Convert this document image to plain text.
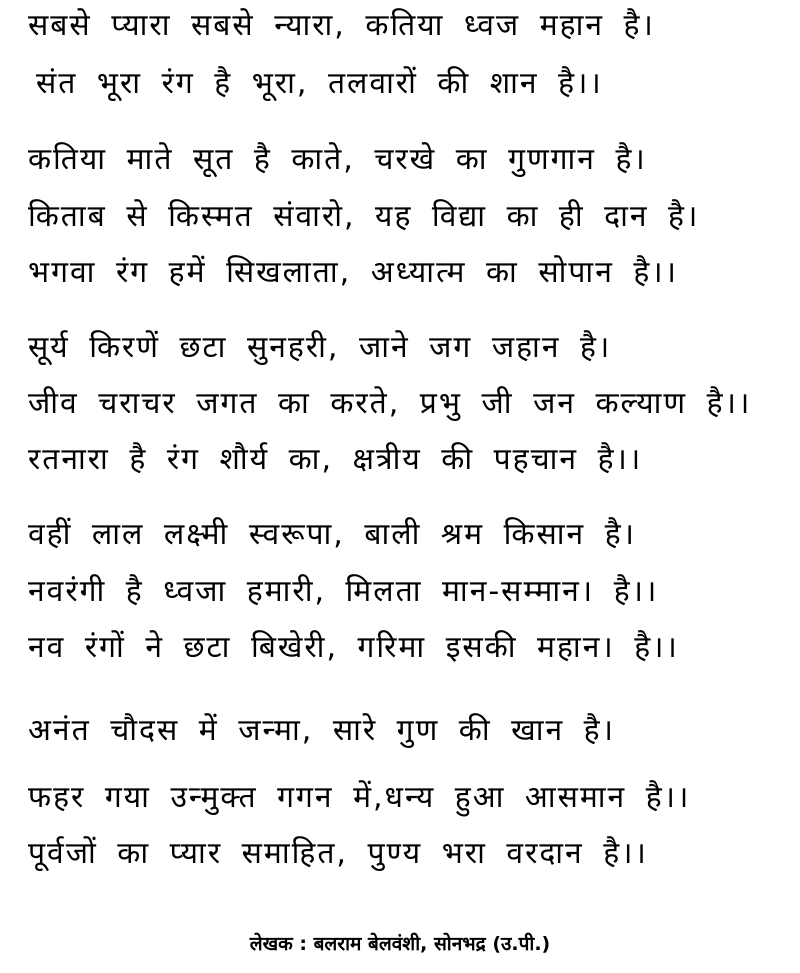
सबसे प्यारा सबसे न्यारा, कतिया ध्वज महान है।
संत भूरा रंग है भूरा, तलवारों की शान है।।
कतिया माते सूत है काते, चरखे का गुणगान है।
किताब से किस्मत संवारो, यह विद्या का ही दान है।
भगवा रंग हमें सिखलाता, अध्यात्म का सोपान है।।
सूर्य किरणें छटा सुनहरी, जाने जग जहान है।
जीव चराचर जगत का करते, प्रभु जी जन कल्याण है।।
रतनारा है रंग शौर्य का, क्षत्रीय की पहचान है।।
वहीं लाल लक्ष्मी स्वरूपा, बाली श्रम किसान है।
नवरंगी है ध्वजा हमारी, मिलता मान-सम्मान। है।।
नव रंगों ने छटा बिखेरी, गरिमा इसकी महान। है।।
अनंत चौदस में जन्मा, सारे गुण की खान है।
फहर गया उन्मुक्त गगन में,धन्य हुआ आसमान है।।
पूर्वजों का प्यार समाहित, पुण्य भरा वरदान है।।
लेखक : बलराम बेलवंशी, सोनभद्र (उ.पी.)
